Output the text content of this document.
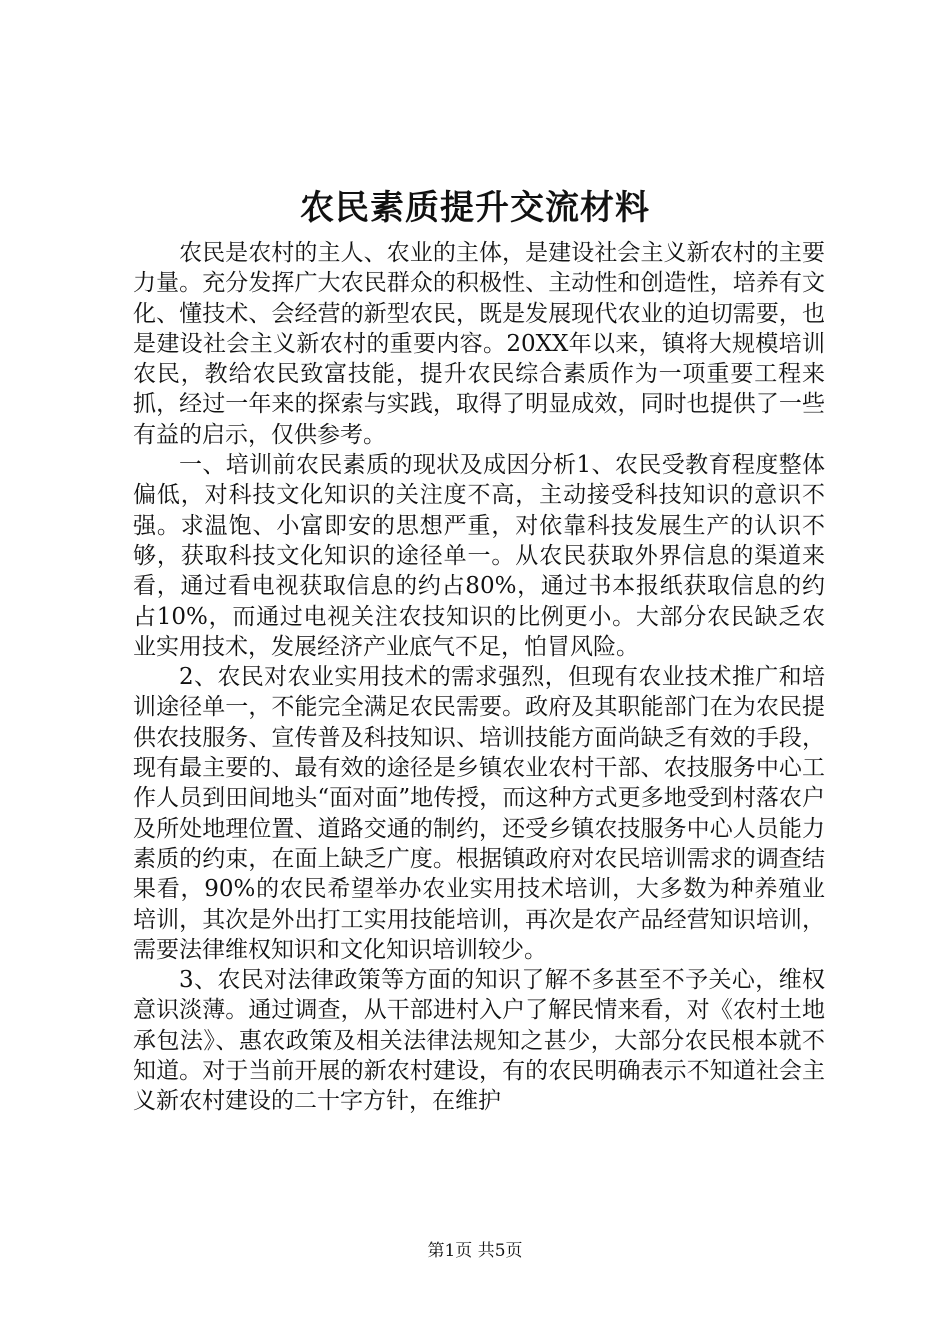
农民素质提升交流材料

农民是农村的主人、农业的主体，是建设社会主义新农村的主要力量。充分发挥广大农民群众的积极性、主动性和创造性，培养有文化、懂技术、会经营的新型农民，既是发展现代农业的迫切需要，也是建设社会主义新农村的重要内容。20XX年以来，镇将大规模培训农民，教给农民致富技能，提升农民综合素质作为一项重要工程来抓，经过一年来的探索与实践，取得了明显成效，同时也提供了一些有益的启示，仅供参考。

一、培训前农民素质的现状及成因分析1、农民受教育程度整体偏低，对科技文化知识的关注度不高，主动接受科技知识的意识不强。求温饱、小富即安的思想严重，对依靠科技发展生产的认识不够，获取科技文化知识的途径单一。从农民获取外界信息的渠道来看，通过看电视获取信息的约占80%，通过书本报纸获取信息的约占10%，而通过电视关注农技知识的比例更小。大部分农民缺乏农业实用技术，发展经济产业底气不足，怕冒风险。

2、农民对农业实用技术的需求强烈，但现有农业技术推广和培训途径单一，不能完全满足农民需要。政府及其职能部门在为农民提供农技服务、宣传普及科技知识、培训技能方面尚缺乏有效的手段，现有最主要的、最有效的途径是乡镇农业农村干部、农技服务中心工作人员到田间地头“面对面”地传授，而这种方式更多地受到村落农户及所处地理位置、道路交通的制约，还受乡镇农技服务中心人员能力素质的约束，在面上缺乏广度。根据镇政府对农民培训需求的调查结果看，90%的农民希望举办农业实用技术培训，大多数为种养殖业培训，其次是外出打工实用技能培训，再次是农产品经营知识培训，需要法律维权知识和文化知识培训较少。

3、农民对法律政策等方面的知识了解不多甚至不予关心，维权意识淡薄。通过调查，从干部进村入户了解民情来看，对《农村土地承包法》、惠农政策及相关法律法规知之甚少，大部分农民根本就不知道。对于当前开展的新农村建设，有的农民明确表示不知道社会主义新农村建设的二十字方针，在维护

第1页 共5页
